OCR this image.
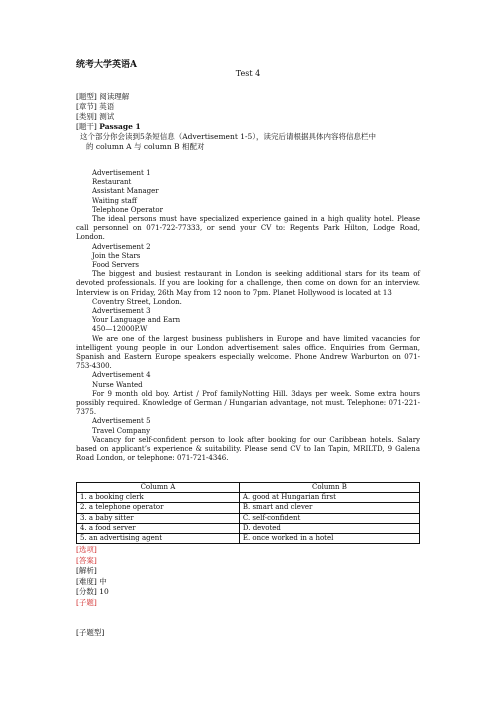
统考大学英语A
Test 4
[题型] 阅读理解
[章节] 英语
[类别] 测试
[题干] Passage 1
这个部分你会读到5条短信息（Advertisement 1-5），读完后请根据具体内容将信息栏中
的 column A 与 column B 相配对

Advertisement 1

Restaurant

Assistant Manager

Waiting staff

Telephone Operator

The ideal persons must have specialized experience gained in a high quality hotel. Please call personnel on 071-722-77333, or send your CV to: Regents Park Hilton, Lodge Road, London.

Advertisement 2

Join the Stars

Food Servers

The biggest and busiest restaurant in London is seeking additional stars for its team of devoted professionals. If you are looking for a challenge, then come on down for an interview. Interview is on Friday, 26th May from 12 noon to 7pm. Planet Hollywood is located at 13

Coventry Street, London.

Advertisement 3

Your Language and Earn

450—12000P.W

We are one of the largest business publishers in Europe and have limited vacancies for intelligent young people in our London advertisement sales office. Enquiries from German, Spanish and Eastern Europe speakers especially welcome. Phone Andrew Warburton on 071-753-4300.

Advertisement 4

Nurse Wanted

For 9 month old boy. Artist / Prof familyNotting Hill. 3days per week. Some extra hours possibly required. Knowledge of German / Hungarian advantage, not must. Telephone: 071-221-7375.

Advertisement 5

Travel Company

Vacancy for self-confident person to look after booking for our Caribbean hotels. Salary based on applicant’s experience & suitability. Please send CV to Ian Tapin, MRILTD, 9 Galena Road London, or telephone: 071-721-4346.

Column A	Column B
1. a booking clerk	A. good at Hungarian first
2. a telephone operator	B. smart and clever
3. a baby sitter	C. self-confident
4. a food server	D. devoted
5. an advertising agent	E. once worked in a hotel
[选项]
[答案]
[解析]
[难度] 中
[分数] 10
[子题]
[子题型]
